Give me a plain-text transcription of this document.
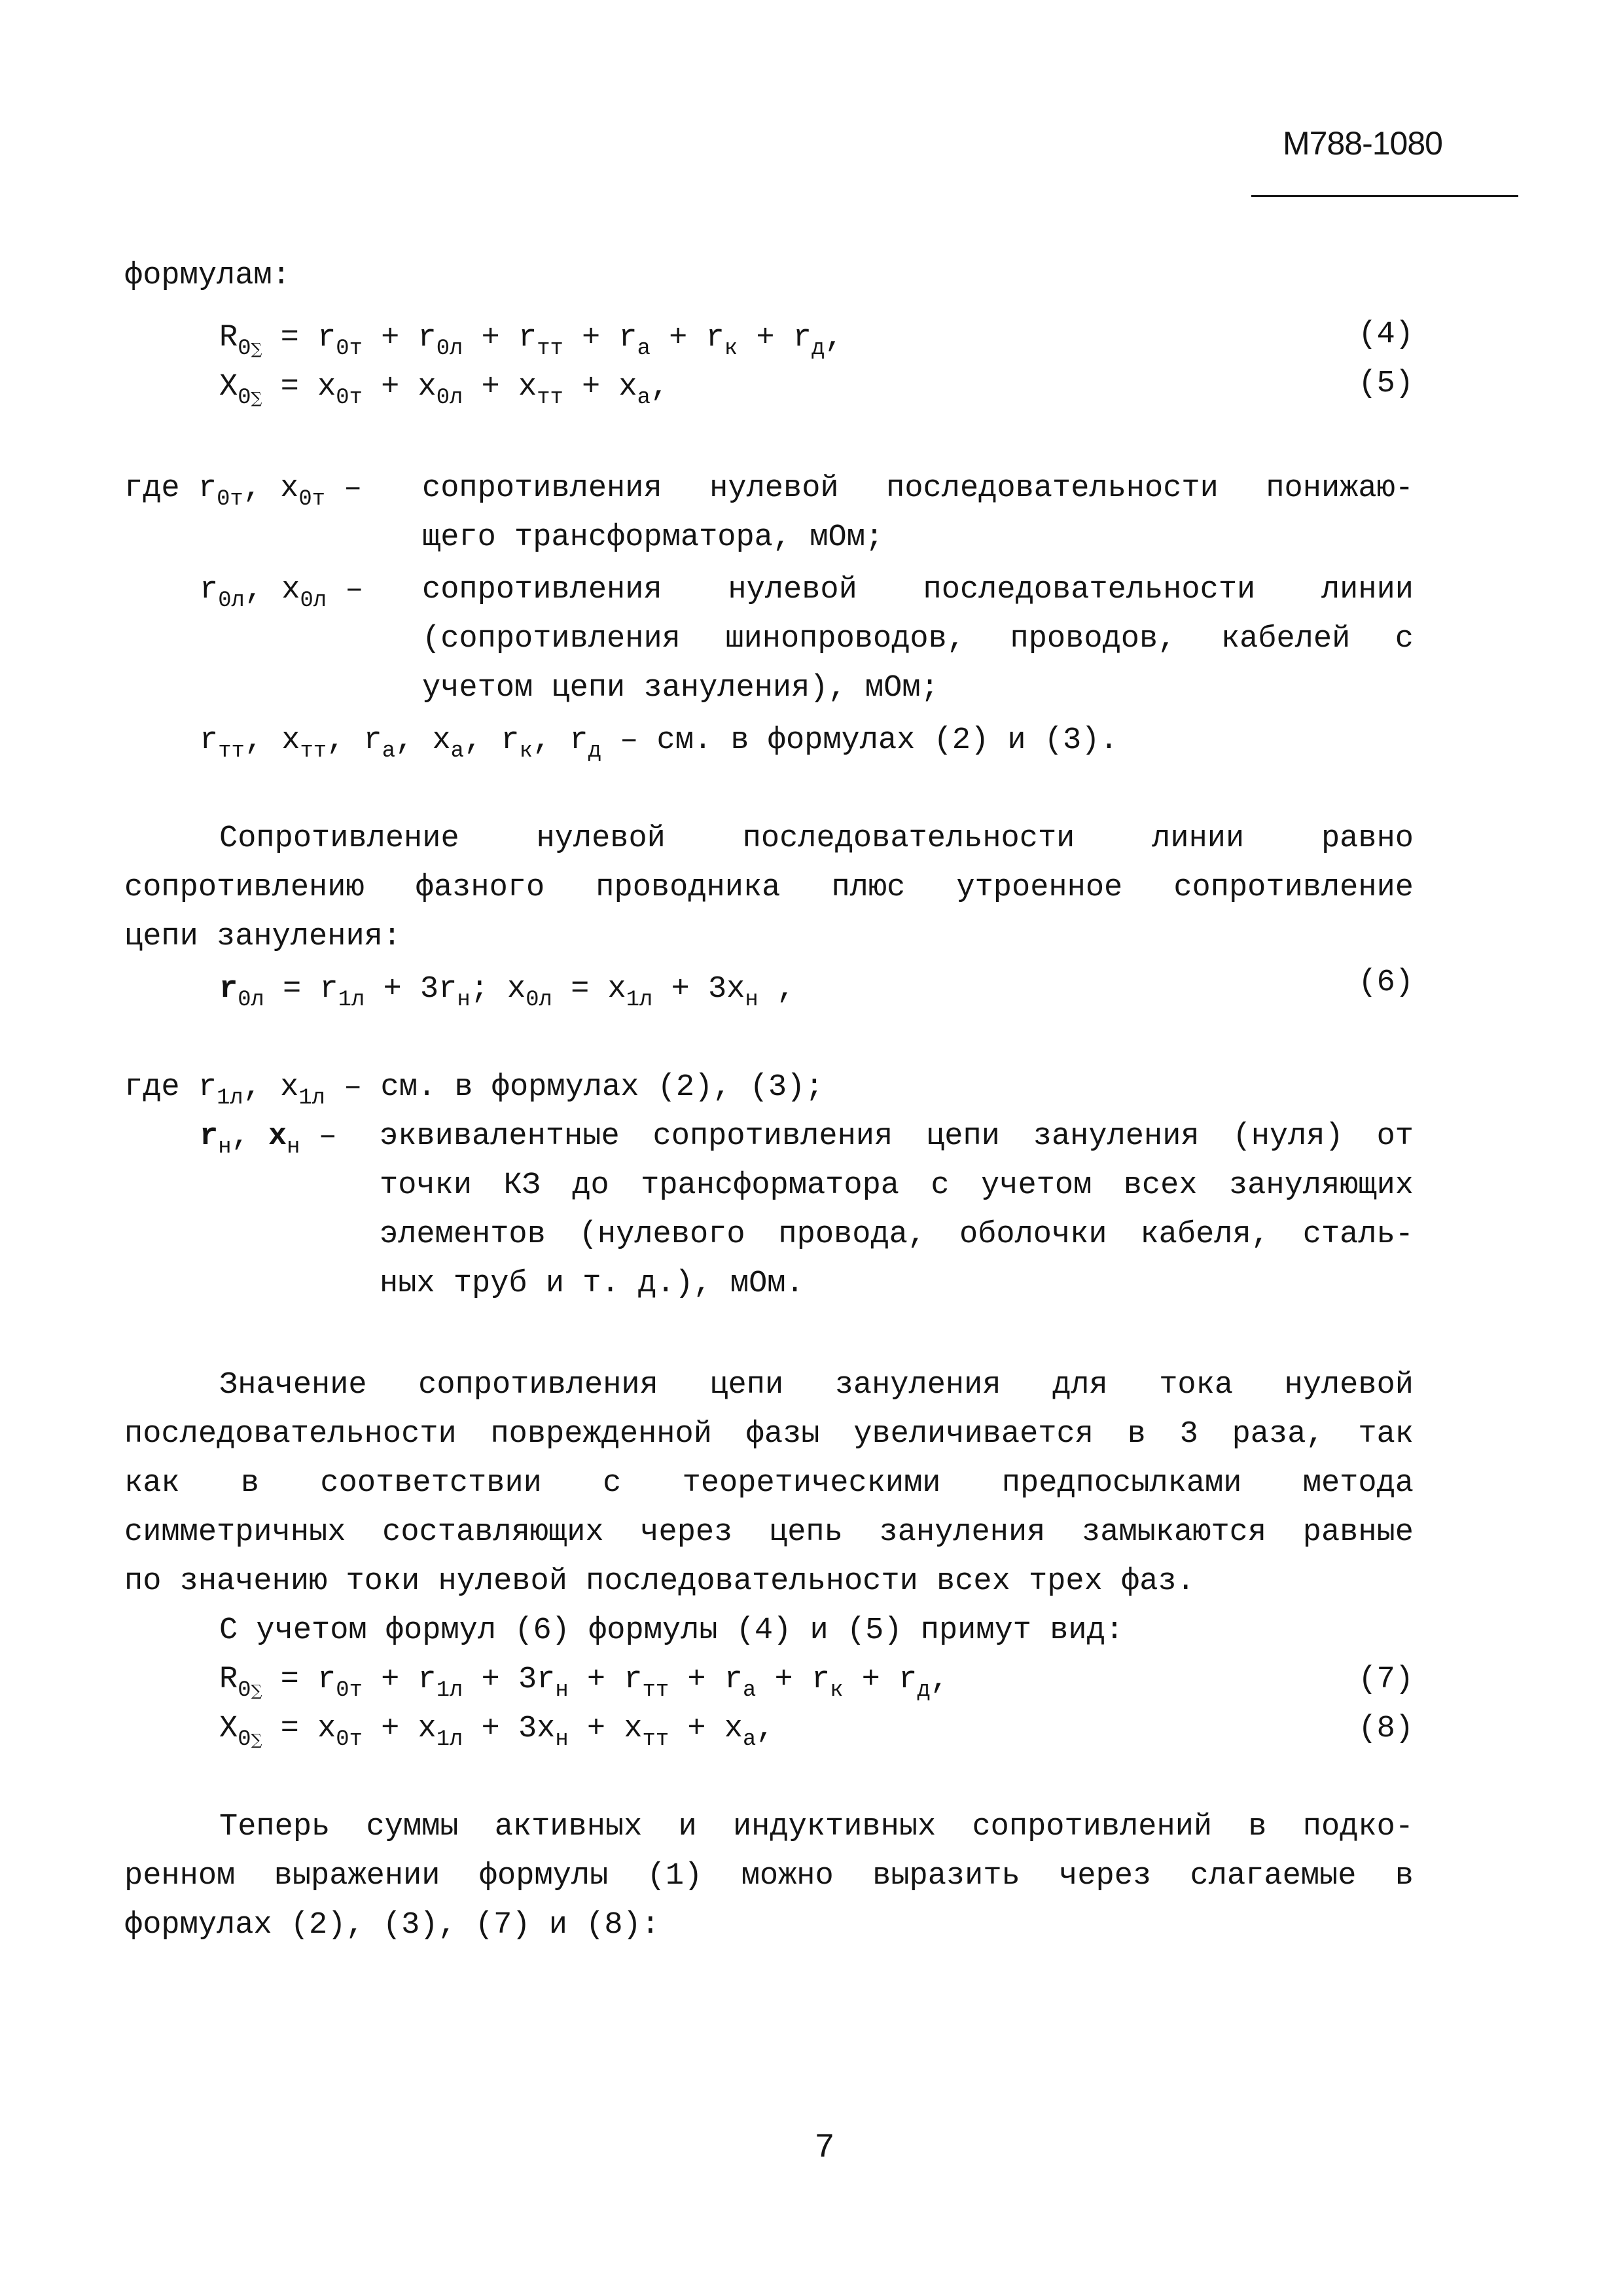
М788-1080
формулам:
$R_{0\sum} = r_{0т} + r_{0л} + r_{тт} + r_а + r_к + r_д$,	(4)
$X_{0\sum} = x_{0т} + x_{0л} + x_{тт} + x_а$,	(5)
где $r_{0т}$, $x_{0т}$ – сопротивления нулевой последовательности понижаю-
щего трансформатора, мОм;
$r_{0л}$, $x_{0л}$ – сопротивления нулевой последовательности линии
(сопротивления шинопроводов, проводов, кабелей с
учетом цепи зануления), мОм;
$r_{тт}$, $x_{тт}$, $r_а$, $x_а$, $r_к$, $r_д$ – см. в формулах (2) и (3).
Сопротивление нулевой последовательности линии равно
сопротивлению фазного проводника плюс утроенное сопротивление
цепи зануления:
$r_{0л} = r_{1л} + 3r_н$; $x_{0л} = x_{1л} + 3x_н$ ,	(6)
где $r_{1л}$, $x_{1л}$ – см. в формулах (2), (3);
$r_н$, $x_н$ – эквивалентные сопротивления цепи зануления (нуля) от
точки КЗ до трансформатора с учетом всех зануляющих
элементов (нулевого провода, оболочки кабеля, сталь-
ных труб и т. д.), мОм.
Значение сопротивления цепи зануления для тока нулевой
последовательности поврежденной фазы увеличивается в 3 раза, так
как в соответствии с теоретическими предпосылками метода
симметричных составляющих через цепь зануления замыкаются равные
по значению токи нулевой последовательности всех трех фаз.
С учетом формул (6) формулы (4) и (5) примут вид:
$R_{0\sum} = r_{0т} + r_{1л} + 3r_н + r_{тт} + r_а + r_к + r_д$,	(7)
$X_{0\sum} = x_{0т} + x_{1л} + 3x_н + x_{тт} + x_а$,	(8)
Теперь суммы активных и индуктивных сопротивлений в подко-
ренном выражении формулы (1) можно выразить через слагаемые в
формулах (2), (3), (7) и (8):
7
